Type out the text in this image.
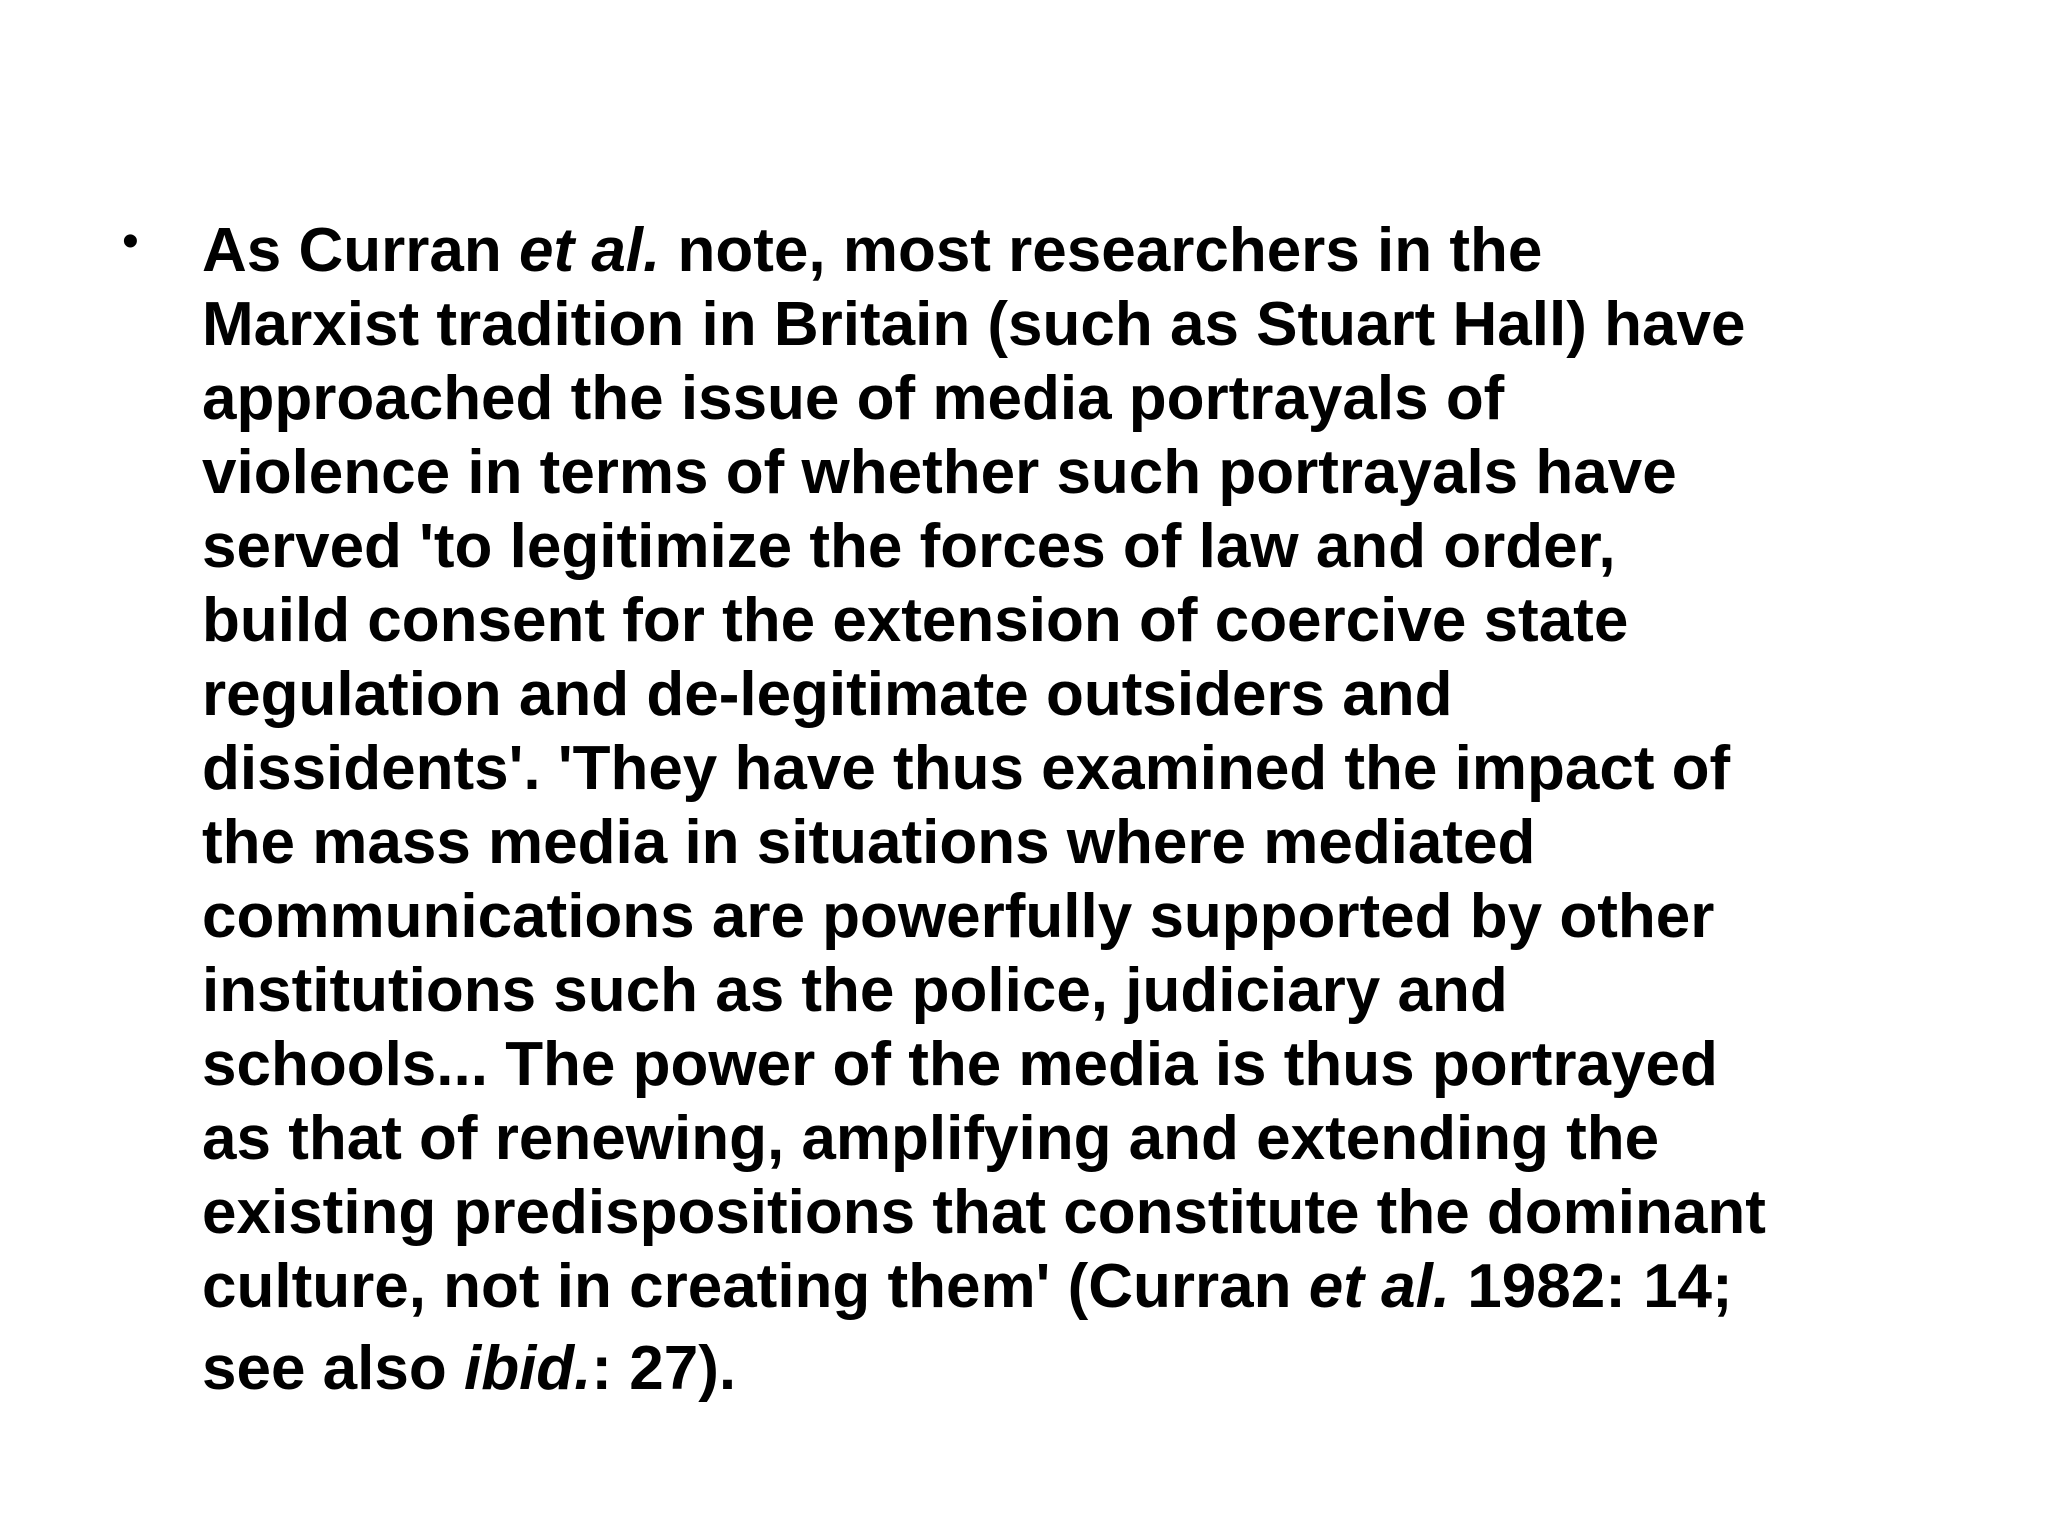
• As Curran et al. note, most researchers in the
Marxist tradition in Britain (such as Stuart Hall) have
approached the issue of media portrayals of
violence in terms of whether such portrayals have
served 'to legitimize the forces of law and order,
build consent for the extension of coercive state
regulation and de-legitimate outsiders and
dissidents'. 'They have thus examined the impact of
the mass media in situations where mediated
communications are powerfully supported by other
institutions such as the police, judiciary and
schools... The power of the media is thus portrayed
as that of renewing, amplifying and extending the
existing predispositions that constitute the dominant
culture, not in creating them' (Curran et al. 1982: 14;
see also ibid.: 27).
